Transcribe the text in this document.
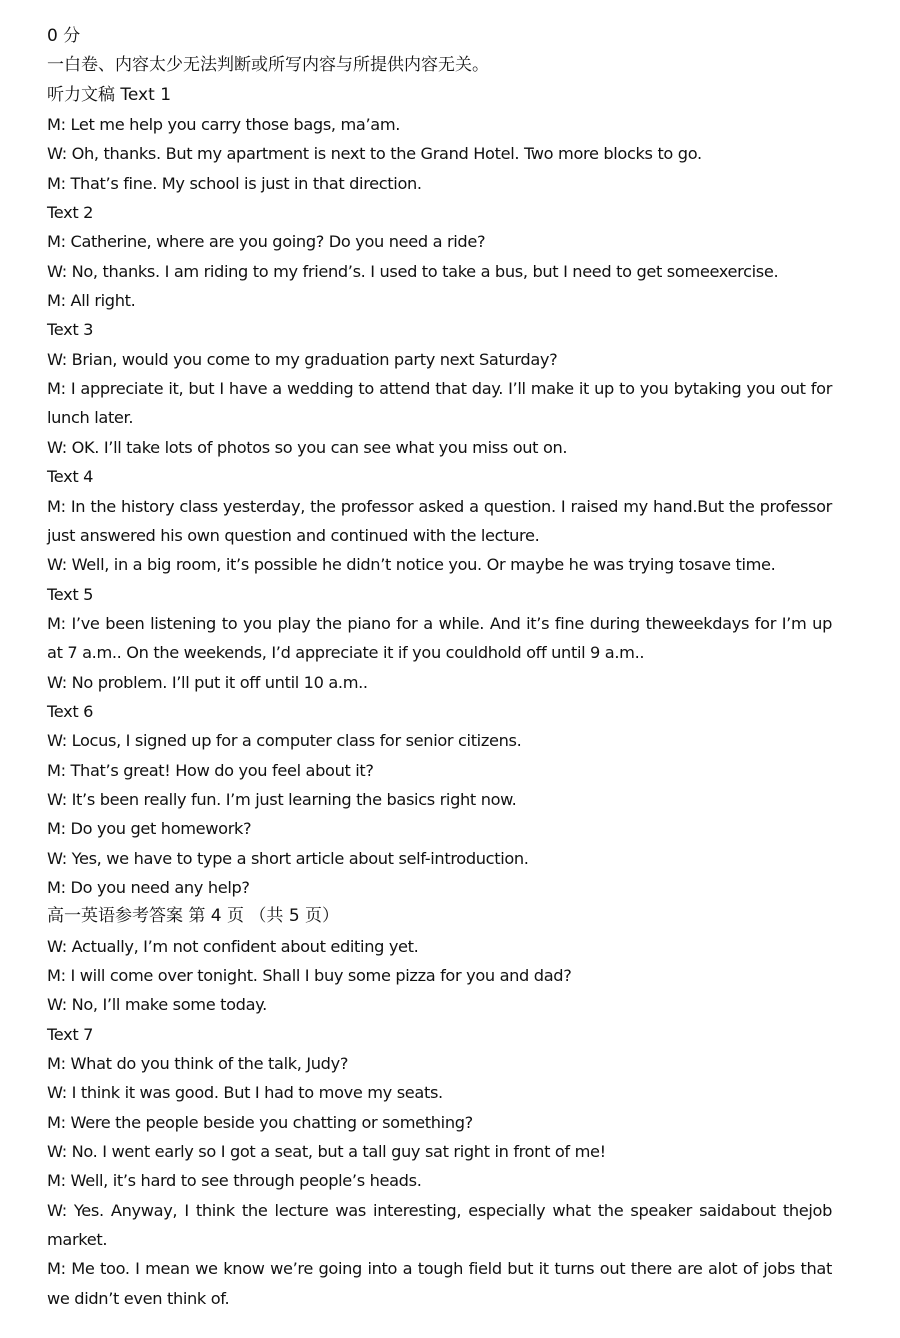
0 分
一白卷、内容太少无法判断或所写内容与所提供内容无关。
听力文稿 Text 1
M: Let me help you carry those bags, ma’am.
W: Oh, thanks. But my apartment is next to the Grand Hotel. Two more blocks to go.
M: That’s fine. My school is just in that direction.
Text 2
M: Catherine, where are you going? Do you need a ride?
W: No, thanks. I am riding to my friend’s. I used to take a bus, but I need to get someexercise.
M: All right.
Text 3
W: Brian, would you come to my graduation party next Saturday?
M: I appreciate it, but I have a wedding to attend that day. I’ll make it up to you bytaking you out for lunch later.
W: OK. I’ll take lots of photos so you can see what you miss out on.
Text 4
M: In the history class yesterday, the professor asked a question. I raised my hand.But the professor just answered his own question and continued with the lecture.
W: Well, in a big room, it’s possible he didn’t notice you. Or maybe he was trying tosave time.
Text 5
M: I’ve been listening to you play the piano for a while. And it’s fine during theweekdays for I’m up at 7 a.m.. On the weekends, I’d appreciate it if you couldhold off until 9 a.m..
W: No problem. I’ll put it off until 10 a.m..
Text 6
W: Locus, I signed up for a computer class for senior citizens.
M: That’s great! How do you feel about it?
W: It’s been really fun. I’m just learning the basics right now.
M: Do you get homework?
W: Yes, we have to type a short article about self-introduction.
M: Do you need any help?
高一英语参考答案 第 4 页 （共 5 页）
W: Actually, I’m not confident about editing yet.
M: I will come over tonight. Shall I buy some pizza for you and dad?
W: No, I’ll make some today.
Text 7
M: What do you think of the talk, Judy?
W: I think it was good. But I had to move my seats.
M: Were the people beside you chatting or something?
W: No. I went early so I got a seat, but a tall guy sat right in front of me!
M: Well, it’s hard to see through people’s heads.
W: Yes. Anyway, I think the lecture was interesting, especially what the speaker saidabout thejob market.
M: Me too. I mean we know we’re going into a tough field but it turns out there are alot of jobs that we didn’t even think of.
